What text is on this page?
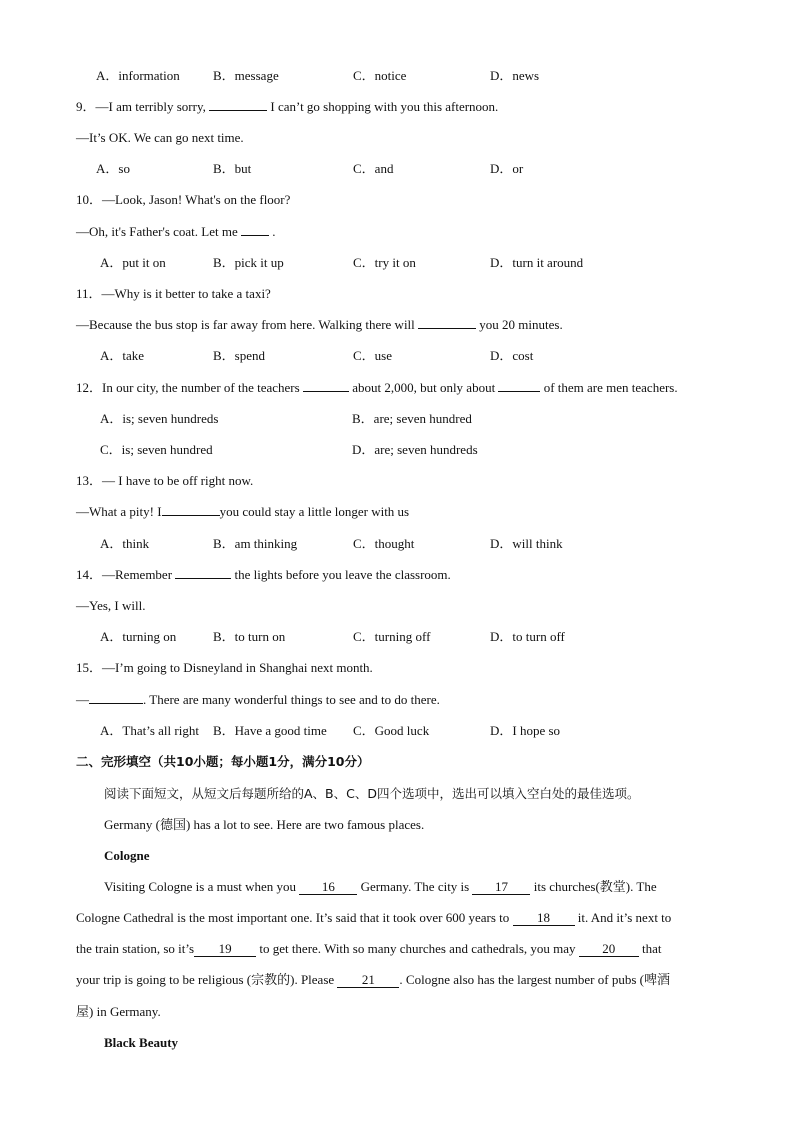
A．information	B．message	C．notice	D．news
9．—I am terribly sorry,	I can’t go shopping with you this afternoon.
—It’s OK. We can go next time.
A．so	B．but	C．and	D．or
10．—Look, Jason! What's on the floor?
—Oh, it's Father's coat. Let me  .
A．put it on	B．pick it up	C．try it on	D．turn it around
11．—Why is it better to take a taxi?
—Because the bus stop is far away from here. Walking there will	you 20 minutes.
A．take	B．spend	C．use	D．cost
12．In our city, the number of the teachers	about 2,000, but only about	of them are men teachers.
A．is; seven hundreds	B．are; seven hundred
C．is; seven hundred	D．are; seven hundreds
13．— I have to be off right now.
—What a pity! I	you could stay a little longer with us
A．think	B．am thinking	C．thought	D．will think
14．—Remember	the lights before you leave the classroom.
—Yes, I will.
A．turning on	B．to turn on	C．turning off	D．to turn off
15．—I’m going to Disneyland in Shanghai next month.
—	. There are many wonderful things to see and to do there.
A．That’s all right B．Have a good time C．Good luck	D．I hope so
二、完形填空（共10小题；每小题1分，满分10分）
阅读下面短文，从短文后每题所给的A、B、C、D四个选项中，选出可以填入空白处的最佳选项。
Germany (德国) has a lot to see. Here are two famous places.
Cologne
Visiting Cologne is a must when you 16 Germany. The city is 17 its churches(教堂). The
Cologne Cathedral is the most important one. It’s said that it took over 600 years to 18 it. And it’s next to
the train station, so it’s 19 to get there. With so many churches and cathedrals, you may 20 that
your trip is going to be religious (宗教的). Please 21 . Cologne also has the largest number of pubs (啤酒
屋) in Germany.
Black Beauty
